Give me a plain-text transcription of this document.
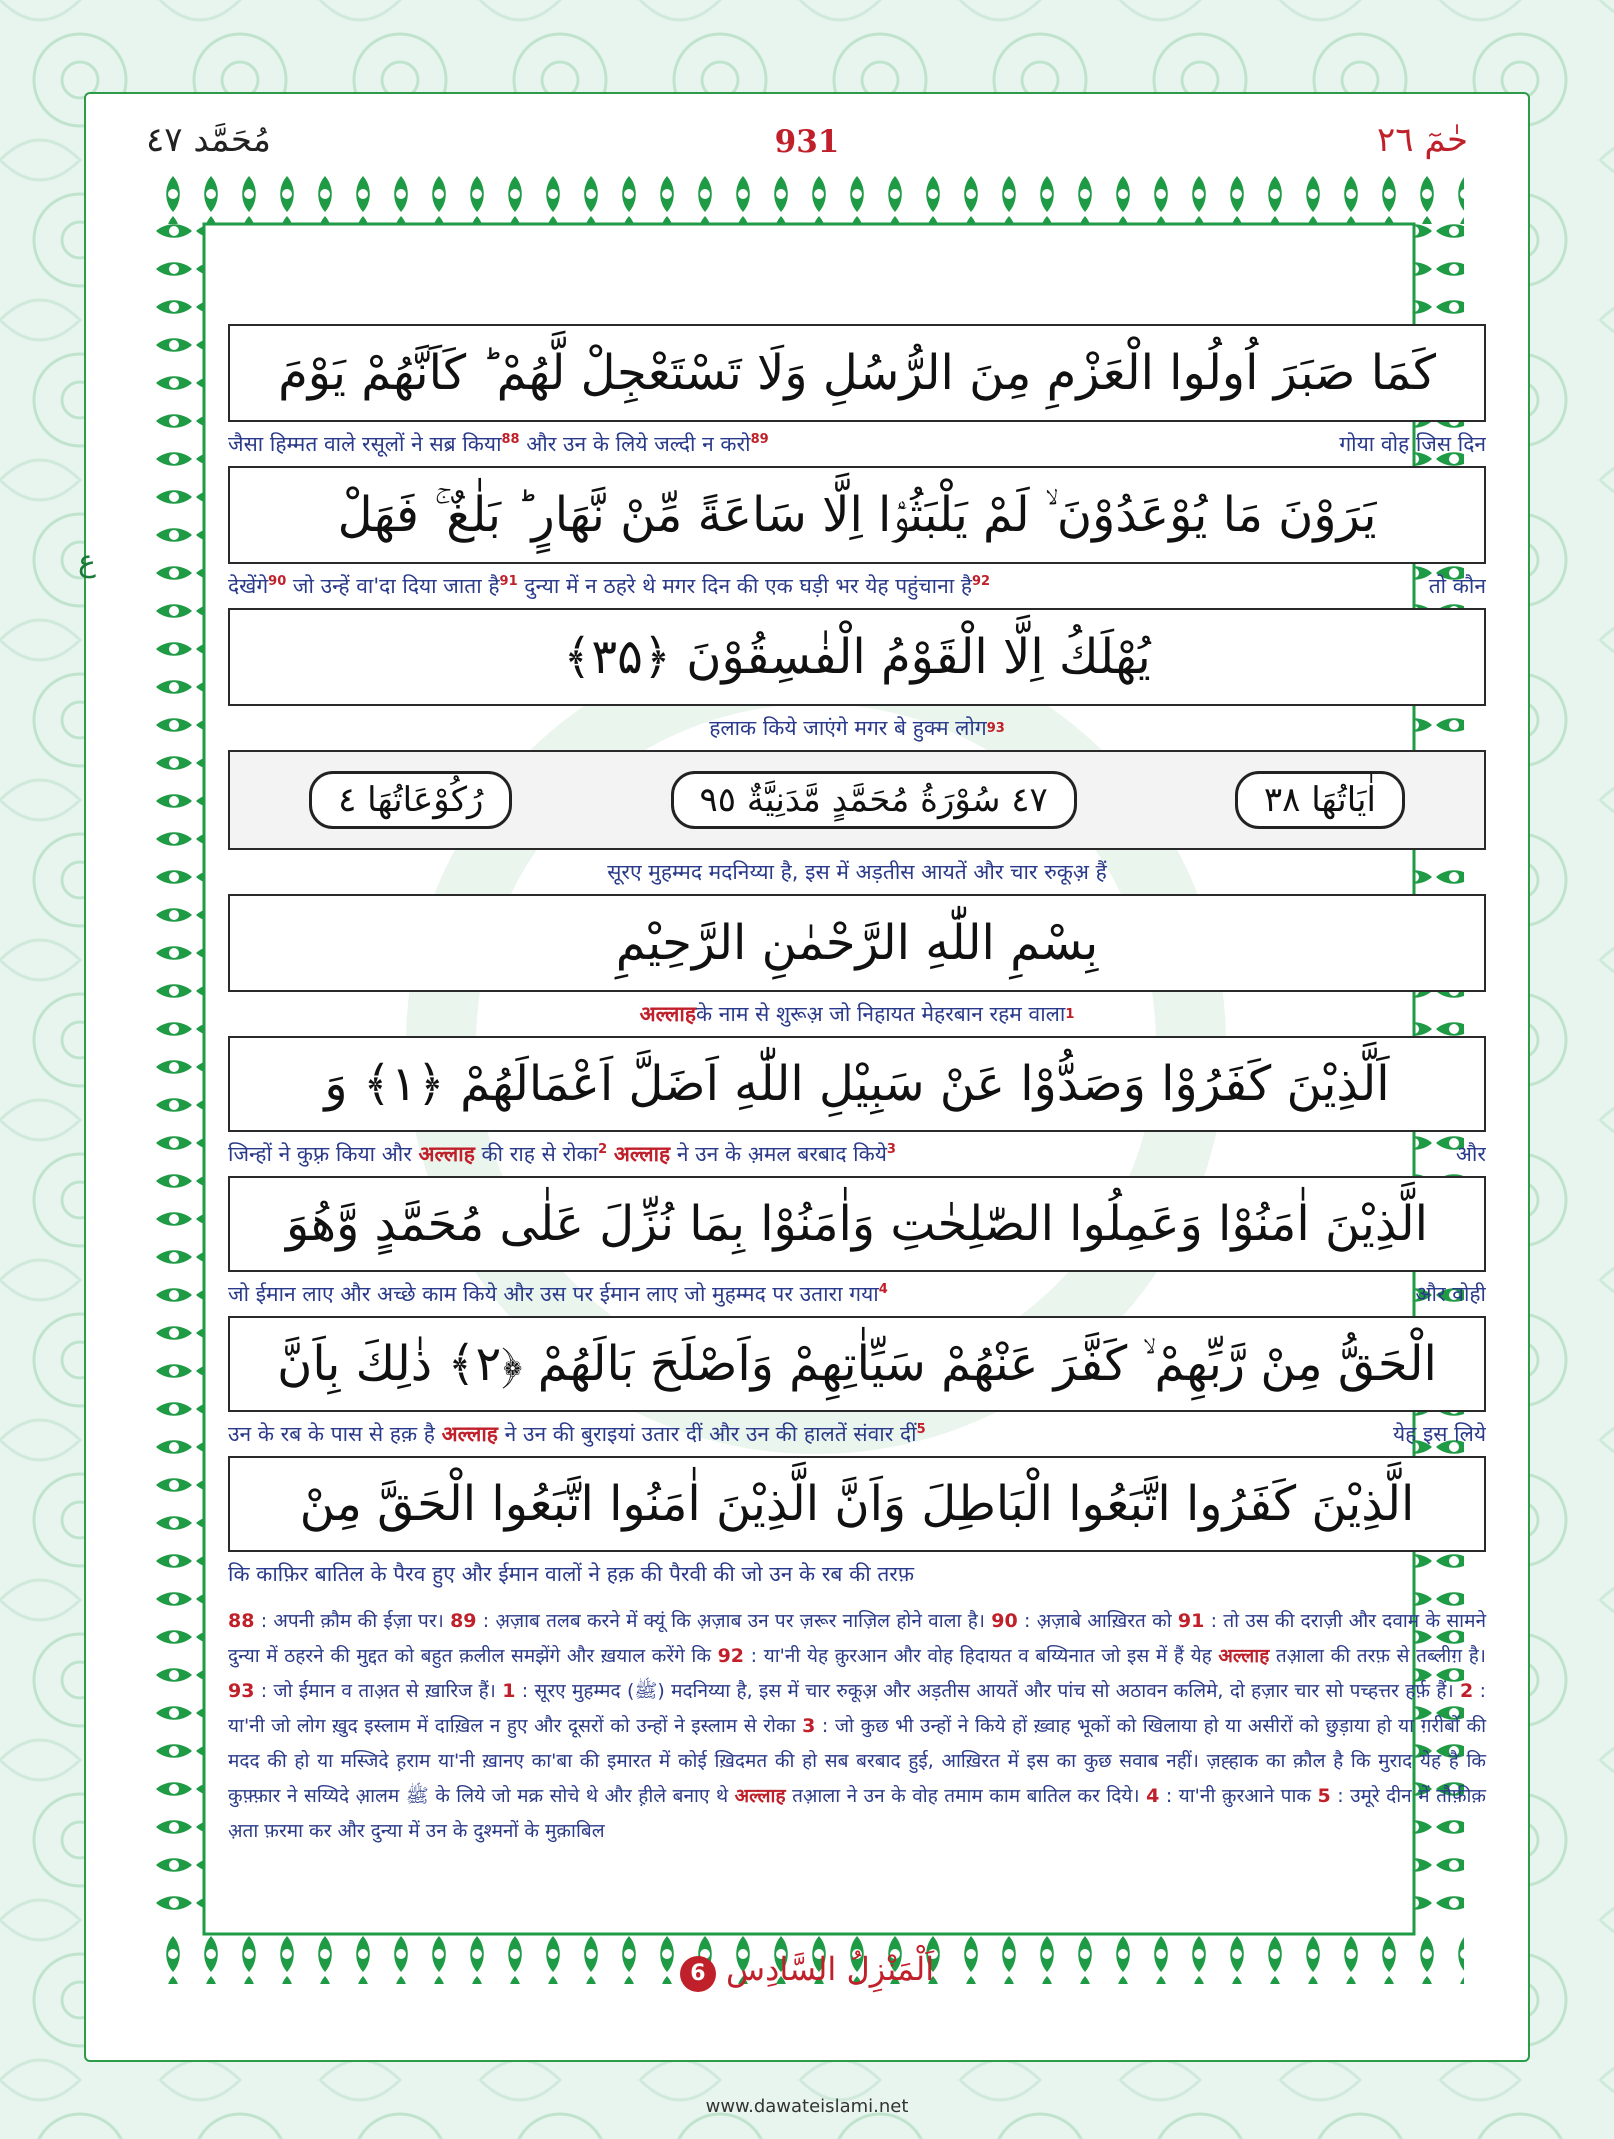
مُحَمَّد ٤٧	931	حٰمٓ ٢٦
ع
كَمَا صَبَرَ اُولُوا الْعَزْمِ مِنَ الرُّسُلِ وَلَا تَسْتَعْجِلْ لَّهُمْ ؕ كَاَنَّهُمْ يَوْمَ
जैसा हिम्मत वाले रसूलों ने सब्र किया$^{88}$ और उन के लिये जल्दी न करो$^{89}$	गोया वोह जिस दिन
يَرَوْنَ مَا يُوْعَدُوْنَ ۙ لَمْ يَلْبَثُوْۤا اِلَّا سَاعَةً مِّنْ نَّهَارٍ ؕ بَلٰغٌ ۚ فَهَلْ
देखेंगे$^{90}$ जो उन्हें वा'दा दिया जाता है$^{91}$ दुन्या में न ठहरे थे मगर दिन की एक घड़ी भर येह पहुंचाना है$^{92}$	तो कौन
يُهْلَكُ اِلَّا الْقَوْمُ الْفٰسِقُوْنَ ﴿۳۵﴾
हलाक किये जाएंगे मगर बे हुक्म लोग 93
اٰيَاتُهَا ٣٨
٤٧ سُوْرَةُ مُحَمَّدٍ مَّدَنِيَّةٌ ٩٥
رُكُوْعَاتُهَا ٤
सूरए मुहम्मद मदनिय्या है, इस में अड़तीस आयतें और चार रुकूअ़ हैं
بِسْمِ اللّٰهِ الرَّحْمٰنِ الرَّحِيْمِ
अल्लाह के नाम से शुरूअ़ जो निहायत मेहरबान रहम वाला 1
اَلَّذِيْنَ كَفَرُوْا وَصَدُّوْا عَنْ سَبِيْلِ اللّٰهِ اَضَلَّ اَعْمَالَهُمْ ﴿۱﴾ وَ
जिन्हों ने कुफ़्र किया और अल्लाह की राह से रोका$^2$ अल्लाह ने उन के अ़मल बरबाद किये$^3$	और
الَّذِيْنَ اٰمَنُوْا وَعَمِلُوا الصّٰلِحٰتِ وَاٰمَنُوْا بِمَا نُزِّلَ عَلٰى مُحَمَّدٍ وَّهُوَ
जो ईमान लाए और अच्छे काम किये और उस पर ईमान लाए जो मुहम्मद पर उतारा गया$^4$	और वोही
الْحَقُّ مِنْ رَّبِّهِمْ ۙ كَفَّرَ عَنْهُمْ سَيِّاٰتِهِمْ وَاَصْلَحَ بَالَهُمْ ﴿۲﴾ ذٰلِكَ بِاَنَّ
उन के रब के पास से हक़ है अल्लाह ने उन की बुराइयां उतार दीं और उन की हालतें संवार दीं$^5$	येह इस लिये
الَّذِيْنَ كَفَرُوا اتَّبَعُوا الْبَاطِلَ وَاَنَّ الَّذِيْنَ اٰمَنُوا اتَّبَعُوا الْحَقَّ مِنْ
कि काफ़िर बातिल के पैरव हुए और ईमान वालों ने हक़ की पैरवी की जो उन के रब की तरफ़
88 : अपनी क़ौम की ईज़ा पर। 89 : अ़ज़ाब तलब करने में क्यूं कि अ़ज़ाब उन पर ज़रूर नाज़िल होने वाला है। 90 : अ़ज़ाबे आख़िरत को 91 : तो उस की दराज़ी और दवाम के सामने दुन्या में ठहरने की मुद्दत को बहुत क़लील समझेंगे और ख़याल करेंगे कि 92 : या'नी येह क़ुरआन और वोह हिदायत व बय्यिनात जो इस में हैं येह अल्लाह तआ़ला की तरफ़ से तब्लीग़ है। 93 : जो ईमान व ताअ़त से ख़ारिज हैं। 1 : सूरए मुहम्मद (ﷺ) मदनिय्या है, इस में चार रुकूअ़ और अड़तीस आयतें और पांच सो अठावन कलिमे, दो हज़ार चार सो पच्हत्तर हर्फ़ हैं। 2 : या'नी जो लोग ख़ुद इस्लाम में दाख़िल न हुए और दूसरों को उन्हों ने इस्लाम से रोका 3 : जो कुछ भी उन्हों ने किये हों ख़्वाह भूकों को खिलाया हो या असीरों को छुड़ाया हो या ग़रीबों की मदद की हो या मस्जिदे ह़राम या'नी ख़ानए का'बा की इमारत में कोई ख़िदमत की हो सब बरबाद हुई, आख़िरत में इस का कुछ सवाब नहीं। ज़ह्हाक का क़ौल है कि मुराद येह है कि कुफ़्फ़ार ने सय्यिदे आ़लम ﷺ के लिये जो मक्र सोचे थे और ह़ीले बनाए थे अल्लाह तआ़ला ने उन के वोह तमाम काम बातिल कर दिये। 4 : या'नी क़ुरआने पाक 5 : उमूरे दीन में तौफ़ीक़ अ़ता फ़रमा कर और दुन्या में उन के दुश्मनों के मुक़ाबिल
اَلْمَنْزِلُ السَّادِس 6
www.dawateislami.net
